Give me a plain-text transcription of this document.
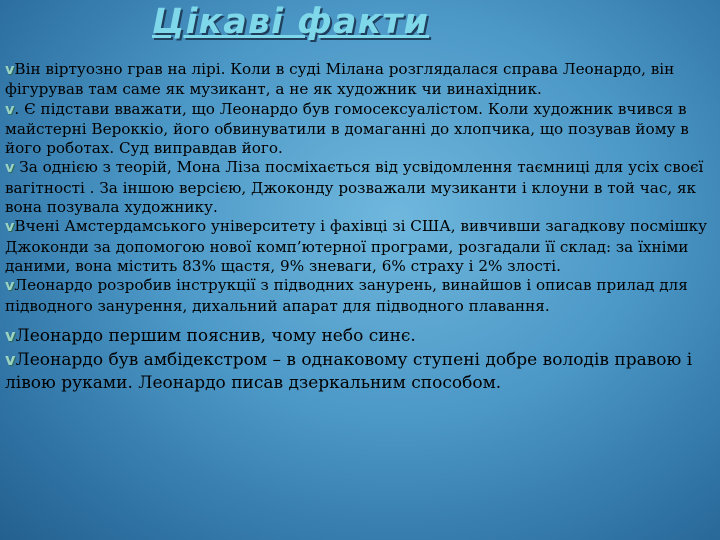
Цікаві факти

vВін віртуозно грав на лірі. Коли в суді Мілана розглядалася справа Леонардо, він фігурував там саме як музикант, а не як художник чи винахідник.

v. Є підстави вважати, що Леонардо був гомосексуалістом. Коли художник вчився в майстерні Вероккіо, його обвинуватили в домаганні до хлопчика, що позував йому в його роботах. Суд виправдав його.

v За однією з теорій, Мона Ліза посміхається від усвідомлення таємниці для усіх своєї вагітності . За іншою версією, Джоконду розважали музиканти і клоуни в той час, як вона позувала художнику.

vВчені Амстердамського університету і фахівці зі США, вивчивши загадкову посмішку Джоконди за допомогою нової комп’ютерної програми, розгадали її склад: за їхніми даними, вона містить 83% щастя, 9% зневаги, 6% страху і 2% злості.

vЛеонардо розробив інструкції з підводних занурень, винайшов і описав прилад для підводного занурення, дихальний апарат для підводного плавання.

vЛеонардо першим пояснив, чому небо синє.

vЛеонардо був амбідекстром – в однаковому ступені добре володів правою і лівою руками. Леонардо писав дзеркальним способом.
